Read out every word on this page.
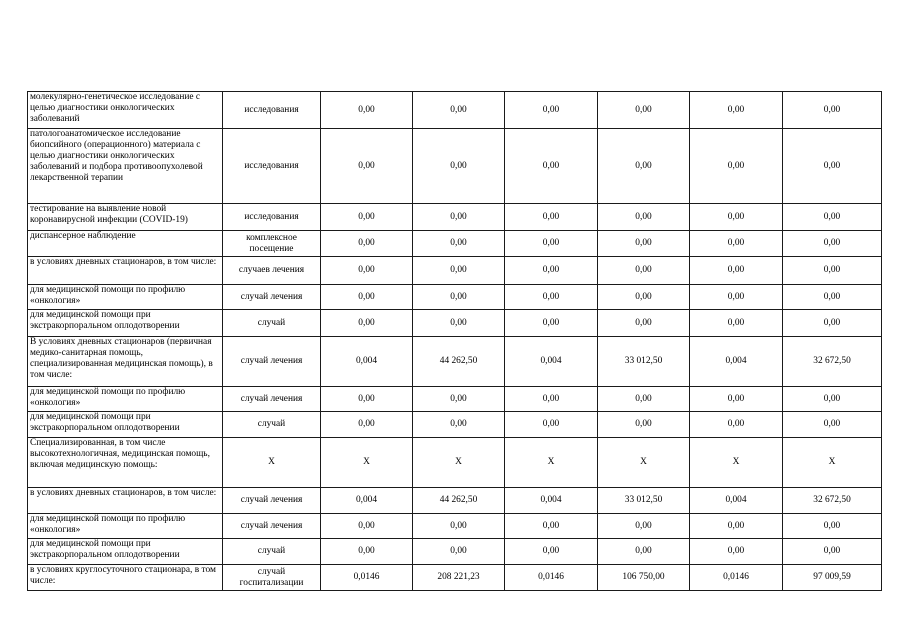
молекулярно-генетическое исследование с целью диагностики онкологических заболеваний	исследования	0,00	0,00	0,00	0,00	0,00	0,00
патологоанатомическое исследование биопсийного (операционного) материала с целью диагностики онкологических заболеваний и подбора противоопухолевой лекарственной терапии	исследования	0,00	0,00	0,00	0,00	0,00	0,00
тестирование на выявление новой коронавирусной инфекции (COVID-19)	исследования	0,00	0,00	0,00	0,00	0,00	0,00
диспансерное наблюдение	комплексное посещение	0,00	0,00	0,00	0,00	0,00	0,00
в условиях дневных стационаров, в том числе:	случаев лечения	0,00	0,00	0,00	0,00	0,00	0,00
для медицинской помощи по профилю «онкология»	случай лечения	0,00	0,00	0,00	0,00	0,00	0,00
для медицинской помощи при экстракорпоральном оплодотворении	случай	0,00	0,00	0,00	0,00	0,00	0,00
В условиях дневных стационаров (первичная медико-санитарная помощь, специализированная медицинская помощь), в том числе:	случай лечения	0,004	44 262,50	0,004	33 012,50	0,004	32 672,50
для медицинской помощи по профилю «онкология»	случай лечения	0,00	0,00	0,00	0,00	0,00	0,00
для медицинской помощи при экстракорпоральном оплодотворении	случай	0,00	0,00	0,00	0,00	0,00	0,00
Специализированная, в том числе высокотехнологичная, медицинская помощь, включая медицинскую помощь:	Х	Х	Х	Х	Х	Х	Х
в условиях дневных стационаров, в том числе:	случай лечения	0,004	44 262,50	0,004	33 012,50	0,004	32 672,50
для медицинской помощи по профилю «онкология»	случай лечения	0,00	0,00	0,00	0,00	0,00	0,00
для медицинской помощи при экстракорпоральном оплодотворении	случай	0,00	0,00	0,00	0,00	0,00	0,00
в условиях круглосуточного стационара, в том числе:	случай госпитализации	0,0146	208 221,23	0,0146	106 750,00	0,0146	97 009,59
